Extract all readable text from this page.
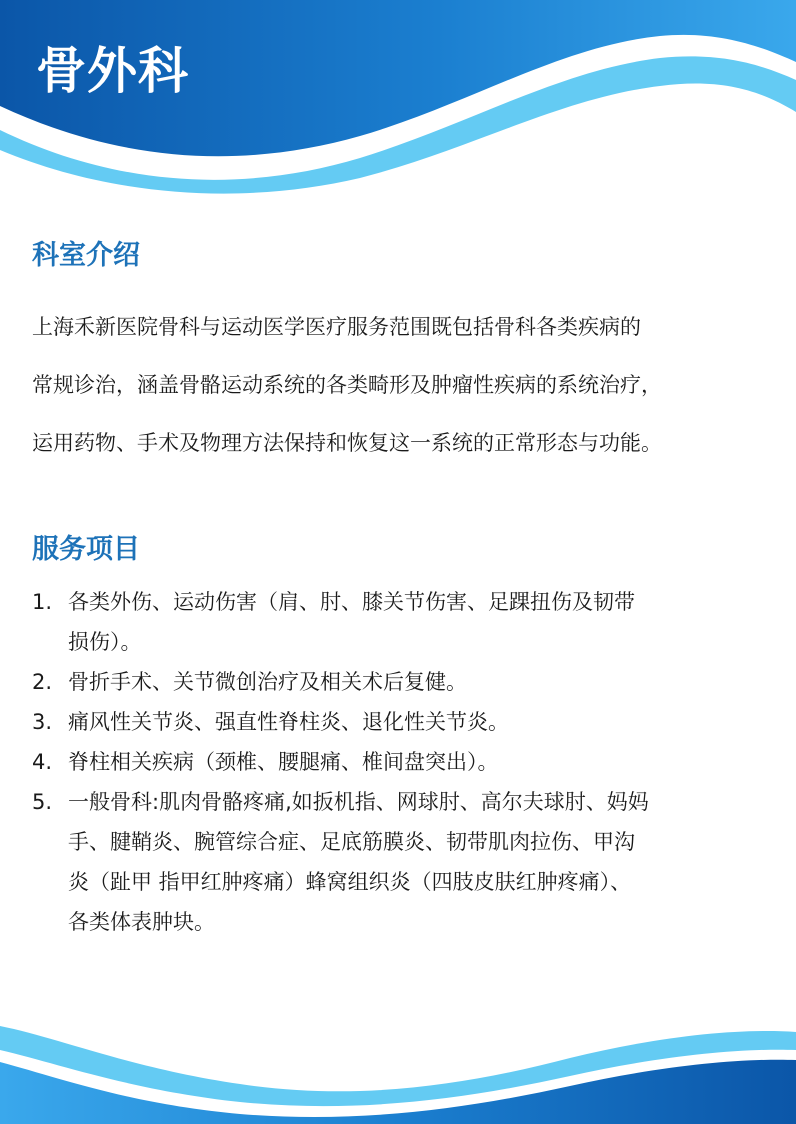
骨外科
科室介绍

上海禾新医院骨科与运动医学医疗服务范围既包括骨科各类疾病的
常规诊治，涵盖骨骼运动系统的各类畸形及肿瘤性疾病的系统治疗，
运用药物、手术及物理方法保持和恢复这一系统的正常形态与功能。

服务项目
1. 各类外伤、运动伤害（肩、肘、膝关节伤害、足踝扭伤及韧带
损伤）。
2. 骨折手术、关节微创治疗及相关术后复健。
3. 痛风性关节炎、强直性脊柱炎、退化性关节炎。
4. 脊柱相关疾病（颈椎、腰腿痛、椎间盘突出）。
5. 一般骨科:肌肉骨骼疼痛,如扳机指、网球肘、高尔夫球肘、妈妈
手、腱鞘炎、腕管综合症、足底筋膜炎、韧带肌肉拉伤、甲沟
炎（趾甲 指甲红肿疼痛）蜂窝组织炎（四肢皮肤红肿疼痛）、
各类体表肿块。
